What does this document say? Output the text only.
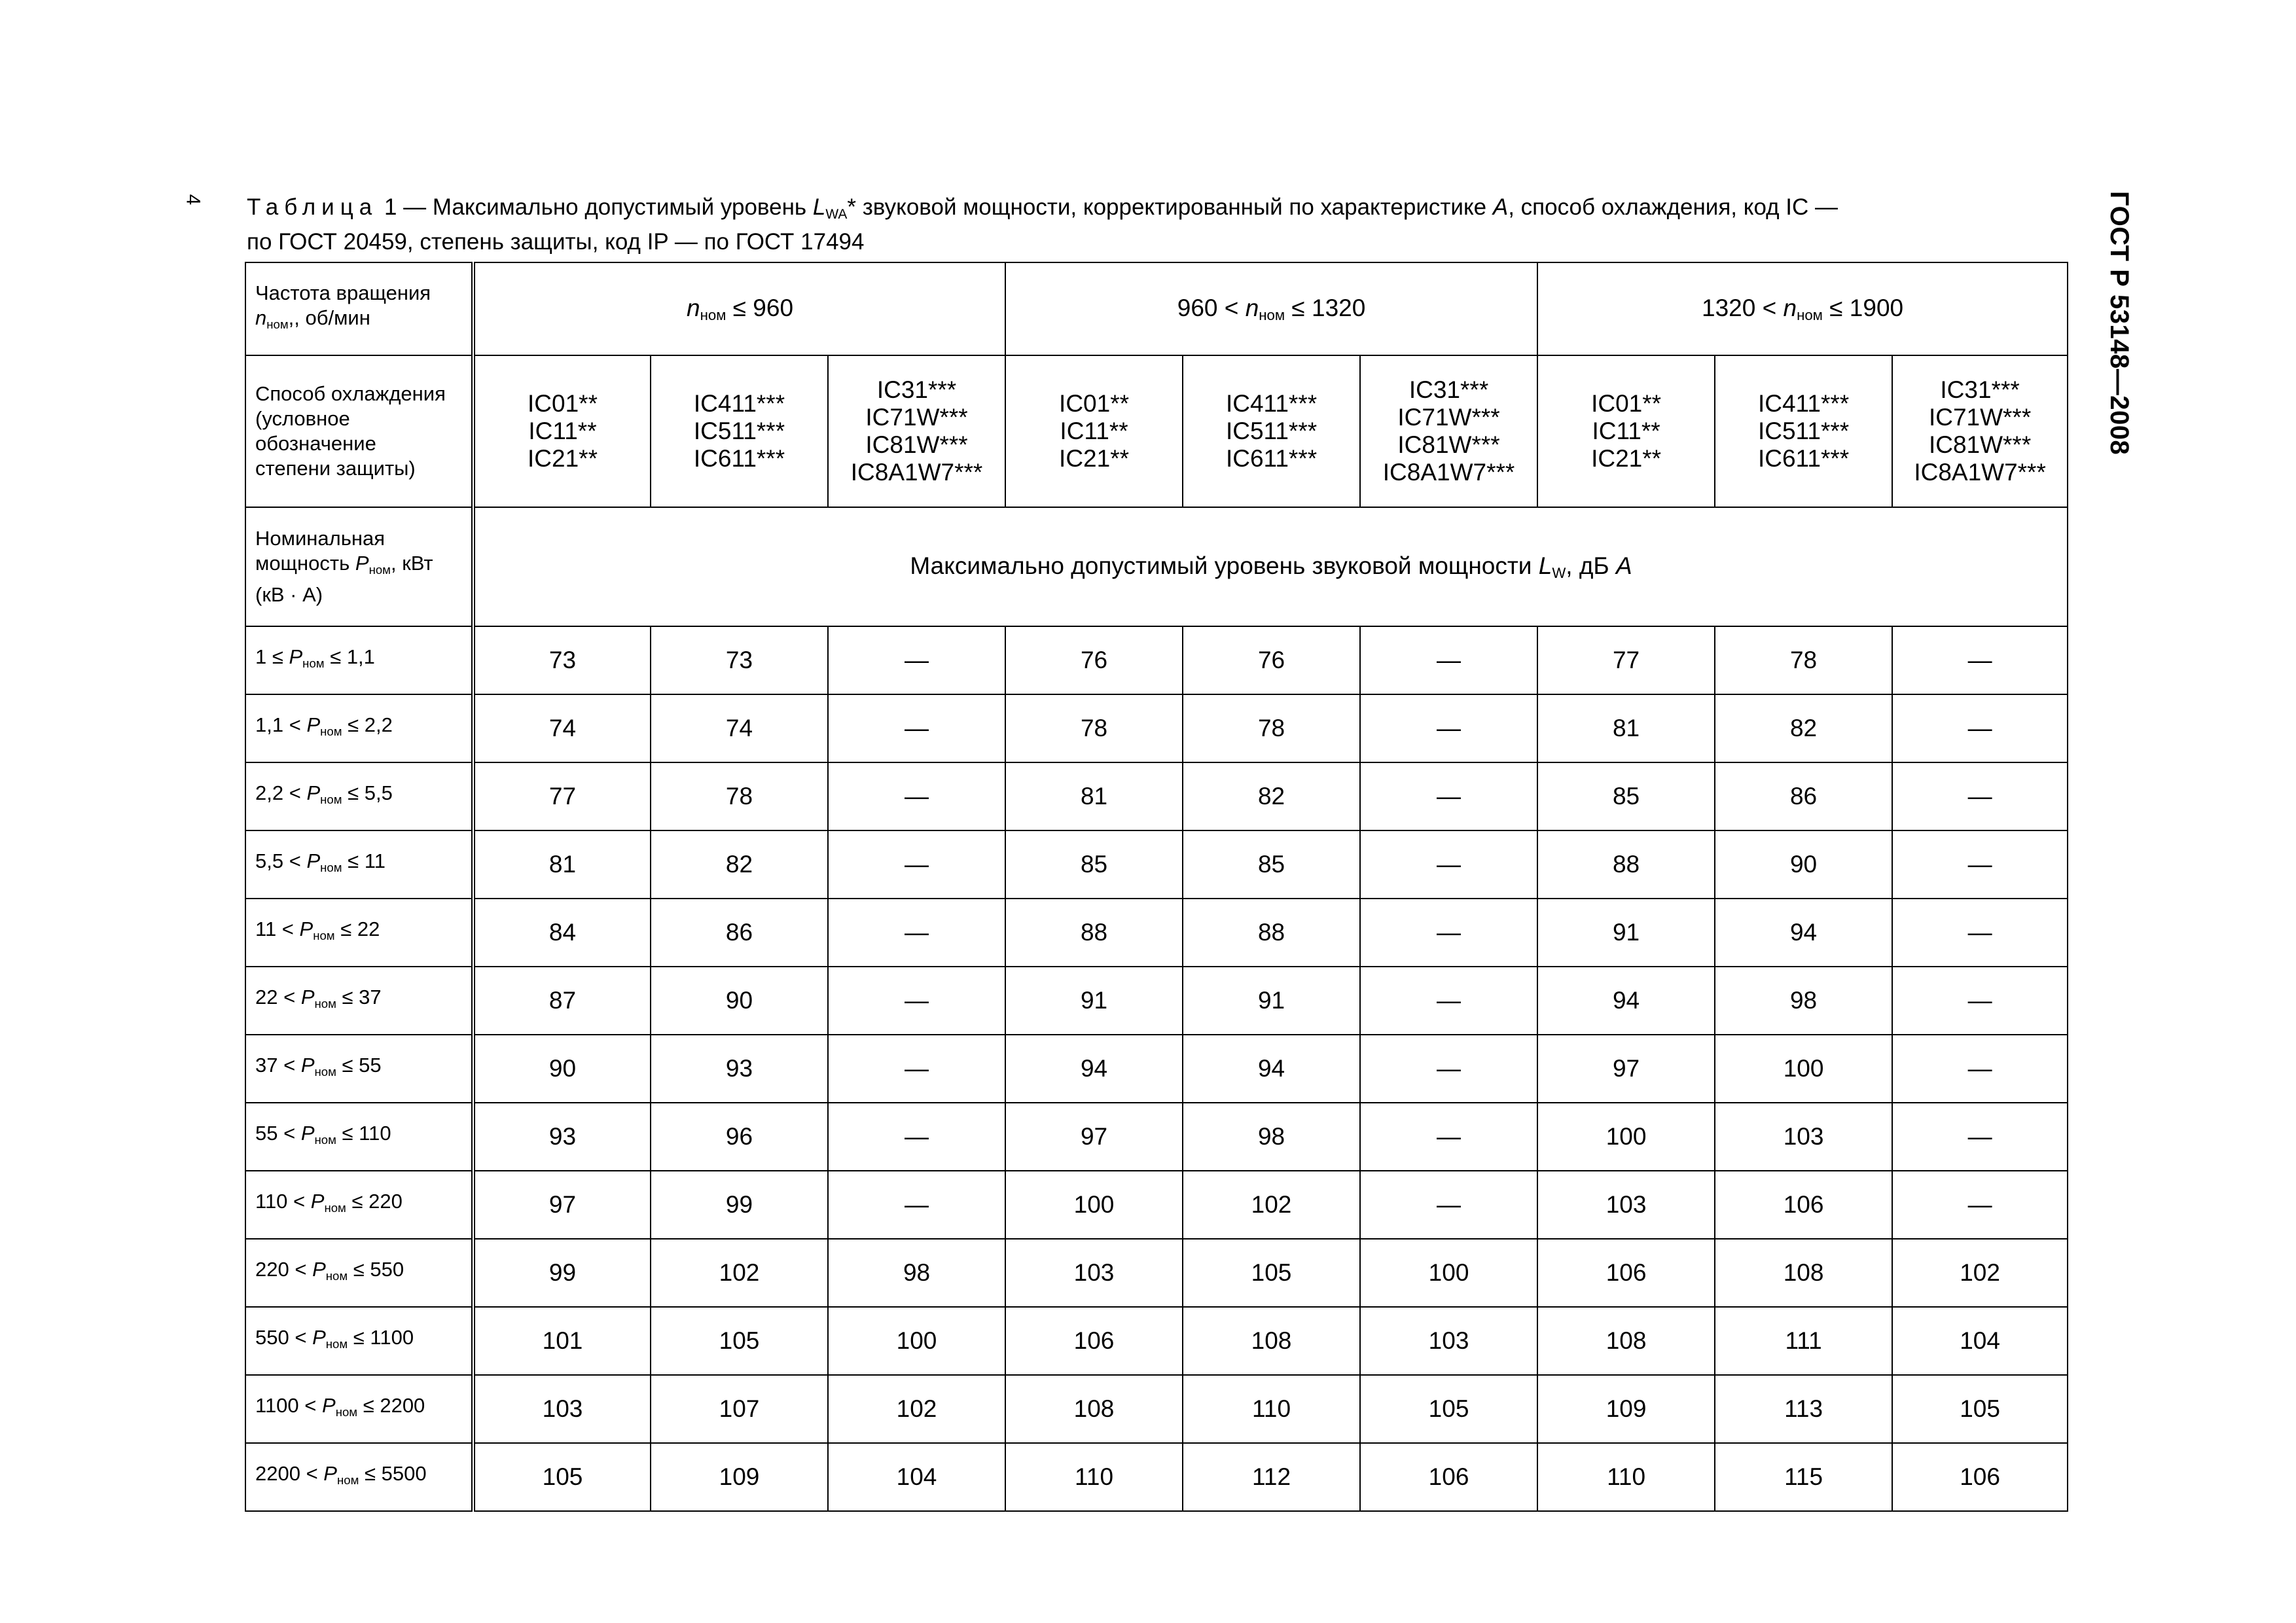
4	ГОСТ Р 53148—2008
Таблица 1 — Максимально допустимый уровень $L_{WA}*$ звуковой мощности, корректированный по характеристике A, способ охлаждения, код IC —
по ГОСТ 20459, степень защиты, код IP — по ГОСТ 17494
Частота вращения
$n_{ном}$,, об/мин	$n_{ном} \le 960$			$960 < n_{ном} \le 1320$			$1320 < n_{ном} \le 1900$		
Способ охлаждения
(условное
обозначение
степени защиты)	IC01**
IC11**
IC21**	IC411***
IC511***
IC611***	IC31***
IC71W***
IC81W***
IC8A1W7***	IC01**
IC11**
IC21**	IC411***
IC511***
IC611***	IC31***
IC71W***
IC81W***
IC8A1W7***	IC01**
IC11**
IC21**	IC411***
IC511***
IC611***	IC31***
IC71W***
IC81W***
IC8A1W7***
Номинальная
мощность $P_{ном}$, кВт
(кВ · А)	Максимально допустимый уровень звуковой мощности $L_W$, дБ A								
$1 \le P_{ном} \le 1,1$	73	73	—	76	76	—	77	78	—
$1,1 < P_{ном} \le 2,2$	74	74	—	78	78	—	81	82	—
$2,2 < P_{ном} \le 5,5$	77	78	—	81	82	—	85	86	—
$5,5 < P_{ном} \le 11$	81	82	—	85	85	—	88	90	—
$11 < P_{ном} \le 22$	84	86	—	88	88	—	91	94	—
$22 < P_{ном} \le 37$	87	90	—	91	91	—	94	98	—
$37 < P_{ном} \le 55$	90	93	—	94	94	—	97	100	—
$55 < P_{ном} \le 110$	93	96	—	97	98	—	100	103	—
$110 < P_{ном} \le 220$	97	99	—	100	102	—	103	106	—
$220 < P_{ном} \le 550$	99	102	98	103	105	100	106	108	102
$550 < P_{ном} \le 1100$	101	105	100	106	108	103	108	111	104
$1100 < P_{ном} \le 2200$	103	107	102	108	110	105	109	113	105
$2200 < P_{ном} \le 5500$	105	109	104	110	112	106	110	115	106
